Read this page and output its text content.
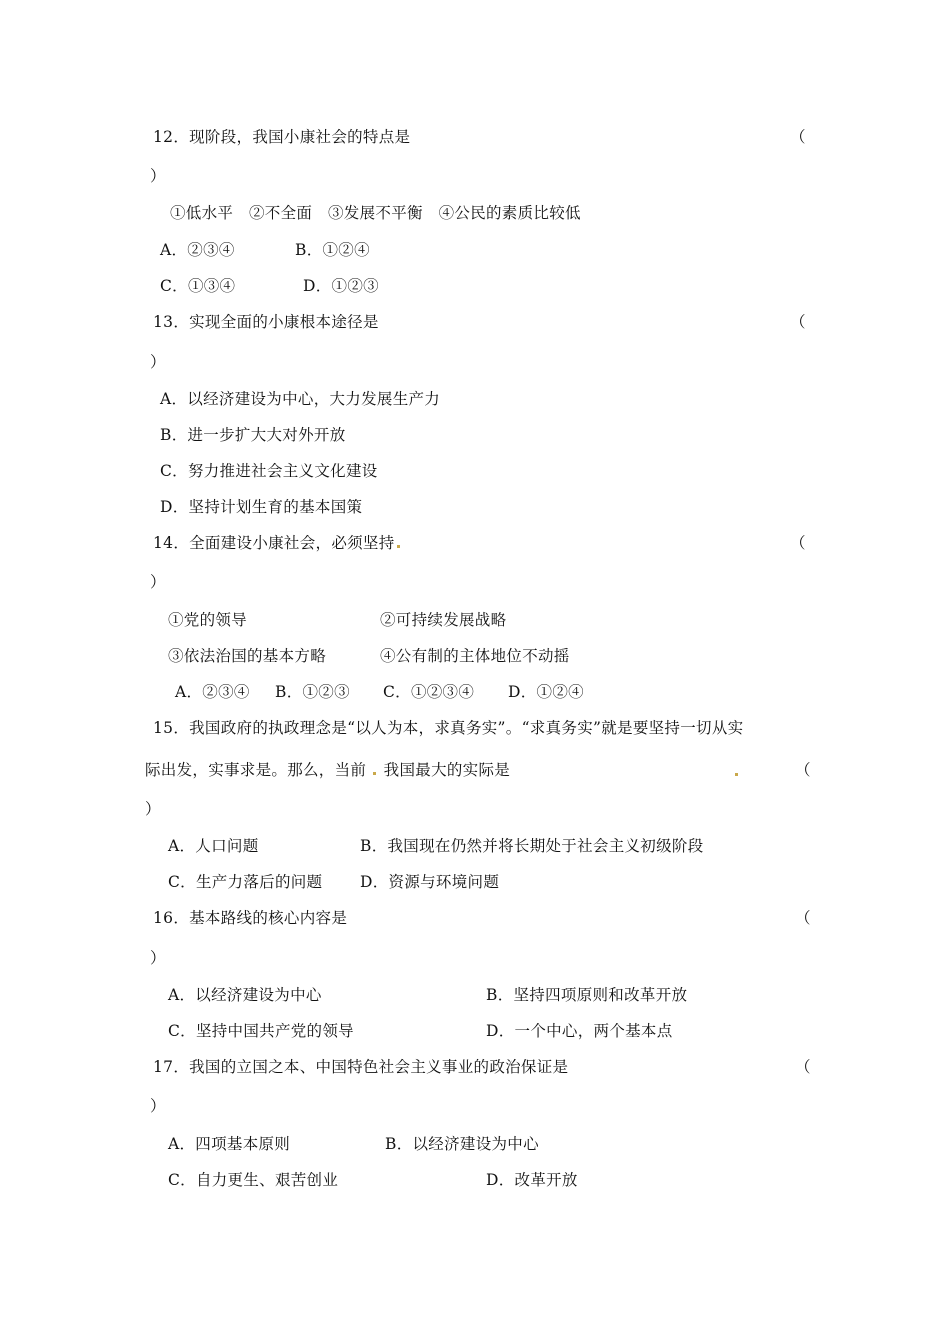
12．现阶段，我国小康社会的特点是	（
）
①低水平　②不全面　③发展不平衡　④公民的素质比较低
A．②③④	B．①②④
C．①③④	D．①②③
13．实现全面的小康根本途径是	（
）
A．以经济建设为中心，大力发展生产力
B．进一步扩大大对外开放
C．努力推进社会主义文化建设
D．坚持计划生育的基本国策
14．全面建设小康社会，必须坚持	（
）
①党的领导	②可持续发展战略
③依法治国的基本方略	④公有制的主体地位不动摇
A．②③④ B．①②③ C．①②③④ D．①②④
15．我国政府的执政理念是“以人为本，求真务实”。“求真务实”就是要坚持一切从实
际出发，实事求是。那么，当前 我国最大的实际是	（
）
A．人口问题	B．我国现在仍然并将长期处于社会主义初级阶段
C．生产力落后的问题 D．资源与环境问题
16．基本路线的核心内容是	（
）
A．以经济建设为中心	B．坚持四项原则和改革开放
C．坚持中国共产党的领导	D．一个中心，两个基本点
17．我国的立国之本、中国特色社会主义事业的政治保证是	（
）
A．四项基本原则	B．以经济建设为中心
C．自力更生、艰苦创业	D．改革开放
